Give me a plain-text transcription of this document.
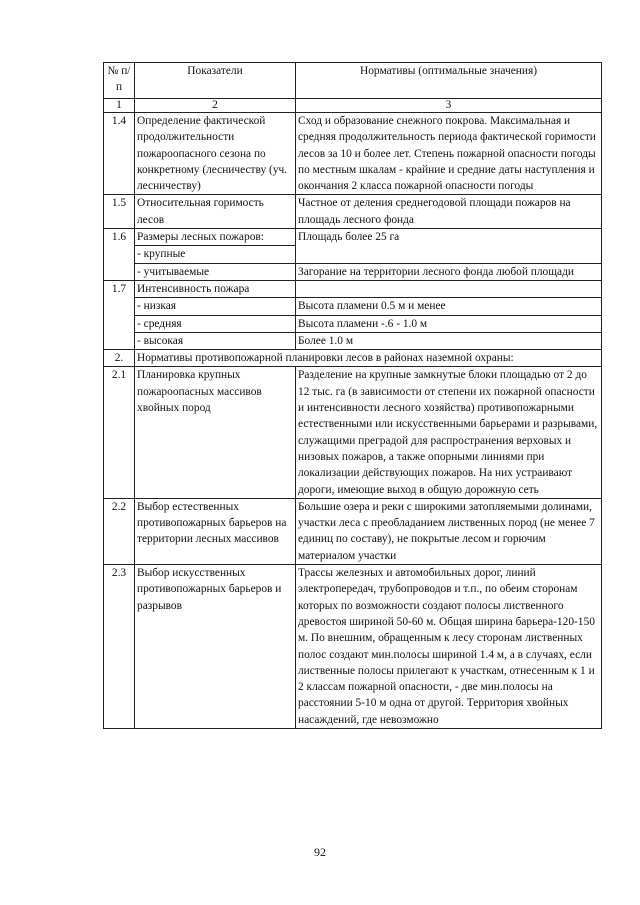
№ п/п	Показатели	Нормативы (оптимальные значения)
1	2	3
1.4	Определение фактической продолжительности пожароопасного сезона по конкретному (лесничеству (уч. лесничеству)	Сход и образование снежного покрова. Максимальная и средняя продолжительность периода фактической горимости лесов за 10 и более лет. Степень пожарной опасности погоды по местным шкалам - крайние и средние даты наступления и окончания 2 класса пожарной опасности погоды
1.5	Относительная горимость лесов	Частное от деления среднегодовой площади пожаров на площадь лесного фонда
1.6	Размеры лесных пожаров:	Площадь более 25 га
	- крупные	
	- учитываемые	Загорание на территории лесного фонда любой площади
1.7	Интенсивность пожара	
	- низкая	Высота пламени 0.5 м и менее
	- средняя	Высота пламени -.6 - 1.0 м
	- высокая	Более 1.0 м
2.	Нормативы противопожарной планировки лесов в районах наземной охраны:	
2.1	Планировка крупных пожароопасных массивов хвойных пород	Разделение на крупные замкнутые блоки площадью от 2 до 12 тыс. га (в зависимости от степени их пожарной опасности и интенсивности лесного хозяйства) противопожарными естественными или искусственными барьерами и разрывами, служащими преградой для распространения верховых и низовых пожаров, а также опорными линиями при локализации действующих пожаров. На них устраивают дороги, имеющие выход в общую дорожную сеть
2.2	Выбор естественных противопожарных барьеров на территории лесных массивов	Большие озера и реки с широкими затопляемыми долинами, участки леса с преобладанием лиственных пород (не менее 7 единиц по составу), не покрытые лесом и горючим материалом участки
2.3	Выбор искусственных противопожарных барьеров и разрывов	Трассы железных и автомобильных дорог, линий электропередач, трубопроводов и т.п., по обеим сторонам которых по возможности создают полосы лиственного древостоя шириной 50-60 м. Общая ширина барьера-120-150 м. По внешним, обращенным к лесу сторонам лиственных полос создают мин.полосы шириной 1.4 м, а в случаях, если лиственные полосы прилегают к участкам, отнесенным к 1 и 2 классам пожарной опасности, - две мин.полосы на расстоянии 5-10 м одна от другой. Территория хвойных насаждений, где невозможно
92
